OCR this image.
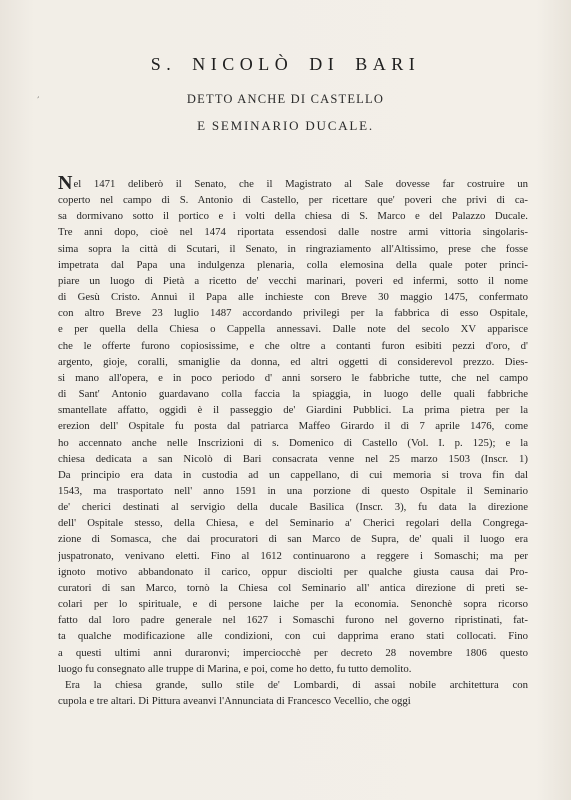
´
S. NICOLÒ DI BARI
DETTO ANCHE DI CASTELLO
E SEMINARIO DUCALE.
Nel 1471 deliberò il Senato, che il Magistrato al Sale dovesse far costruire un
coperto nel campo di S. Antonio di Castello, per ricettare que' poveri che privi di ca-
sa dormivano sotto il portico e i volti della chiesa di S. Marco e del Palazzo Ducale.
Tre anni dopo, cioè nel 1474 riportata essendosi dalle nostre armi vittoria singolaris-
sima sopra la città di Scutari, il Senato, in ringraziamento all'Altissimo, prese che fosse
impetrata dal Papa una indulgenza plenaria, colla elemosina della quale poter princi-
piare un luogo di Pietà a ricetto de' vecchi marinari, poveri ed infermi, sotto il nome
di Gesù Cristo. Annuì il Papa alle inchieste con Breve 30 maggio 1475, confermato
con altro Breve 23 luglio 1487 accordando privilegi per la fabbrica di esso Ospitale,
e per quella della Chiesa o Cappella annessavi. Dalle note del secolo XV apparisce
che le offerte furono copiosissime, e che oltre a contanti furon esibiti pezzi d'oro, d'
argento, gioje, coralli, smaniglie da donna, ed altri oggetti di considerevol prezzo. Dies-
si mano all'opera, e in poco periodo d' anni sorsero le fabbriche tutte, che nel campo
di Sant' Antonio guardavano colla faccia la spiaggia, in luogo delle quali fabbriche
smantellate affatto, oggidì è il passeggio de' Giardini Pubblici. La prima pietra per la
erezion dell' Ospitale fu posta dal patriarca Maffeo Girardo il dì 7 aprile 1476, come
ho accennato anche nelle Inscrizioni di s. Domenico di Castello (Vol. I. p. 125); e la
chiesa dedicata a san Nicolò di Bari consacrata venne nel 25 marzo 1503 (Inscr. 1)
Da principio era data in custodia ad un cappellano, di cui memoria si trova fin dal
1543, ma trasportato nell' anno 1591 in una porzione di questo Ospitale il Seminario
de' cherici destinati al servigio della ducale Basilica (Inscr. 3), fu data la direzione
dell' Ospitale stesso, della Chiesa, e del Seminario a' Cherici regolari della Congrega-
zione di Somasca, che dai procuratori di san Marco de Supra, de' quali il luogo era
juspatronato, venivano eletti. Fino al 1612 continuarono a reggere i Somaschi; ma per
ignoto motivo abbandonato il carico, oppur disciolti per qualche giusta causa dai Pro-
curatori di san Marco, tornò la Chiesa col Seminario all' antica direzione di preti se-
colari per lo spirituale, e di persone laiche per la economia. Senonchè sopra ricorso
fatto dal loro padre generale nel 1627 i Somaschi furono nel governo ripristinati, fat-
ta qualche modificazione alle condizioni, con cui dapprima erano stati collocati. Fino
a questi ultimi anni duraronvi; imperciocchè per decreto 28 novembre 1806 questo
luogo fu consegnato alle truppe di Marina, e poi, come ho detto, fu tutto demolito.
Era la chiesa grande, sullo stile de' Lombardi, di assai nobile architettura con
cupola e tre altari. Di Pittura aveanvi l'Annunciata di Francesco Vecellio, che oggi
